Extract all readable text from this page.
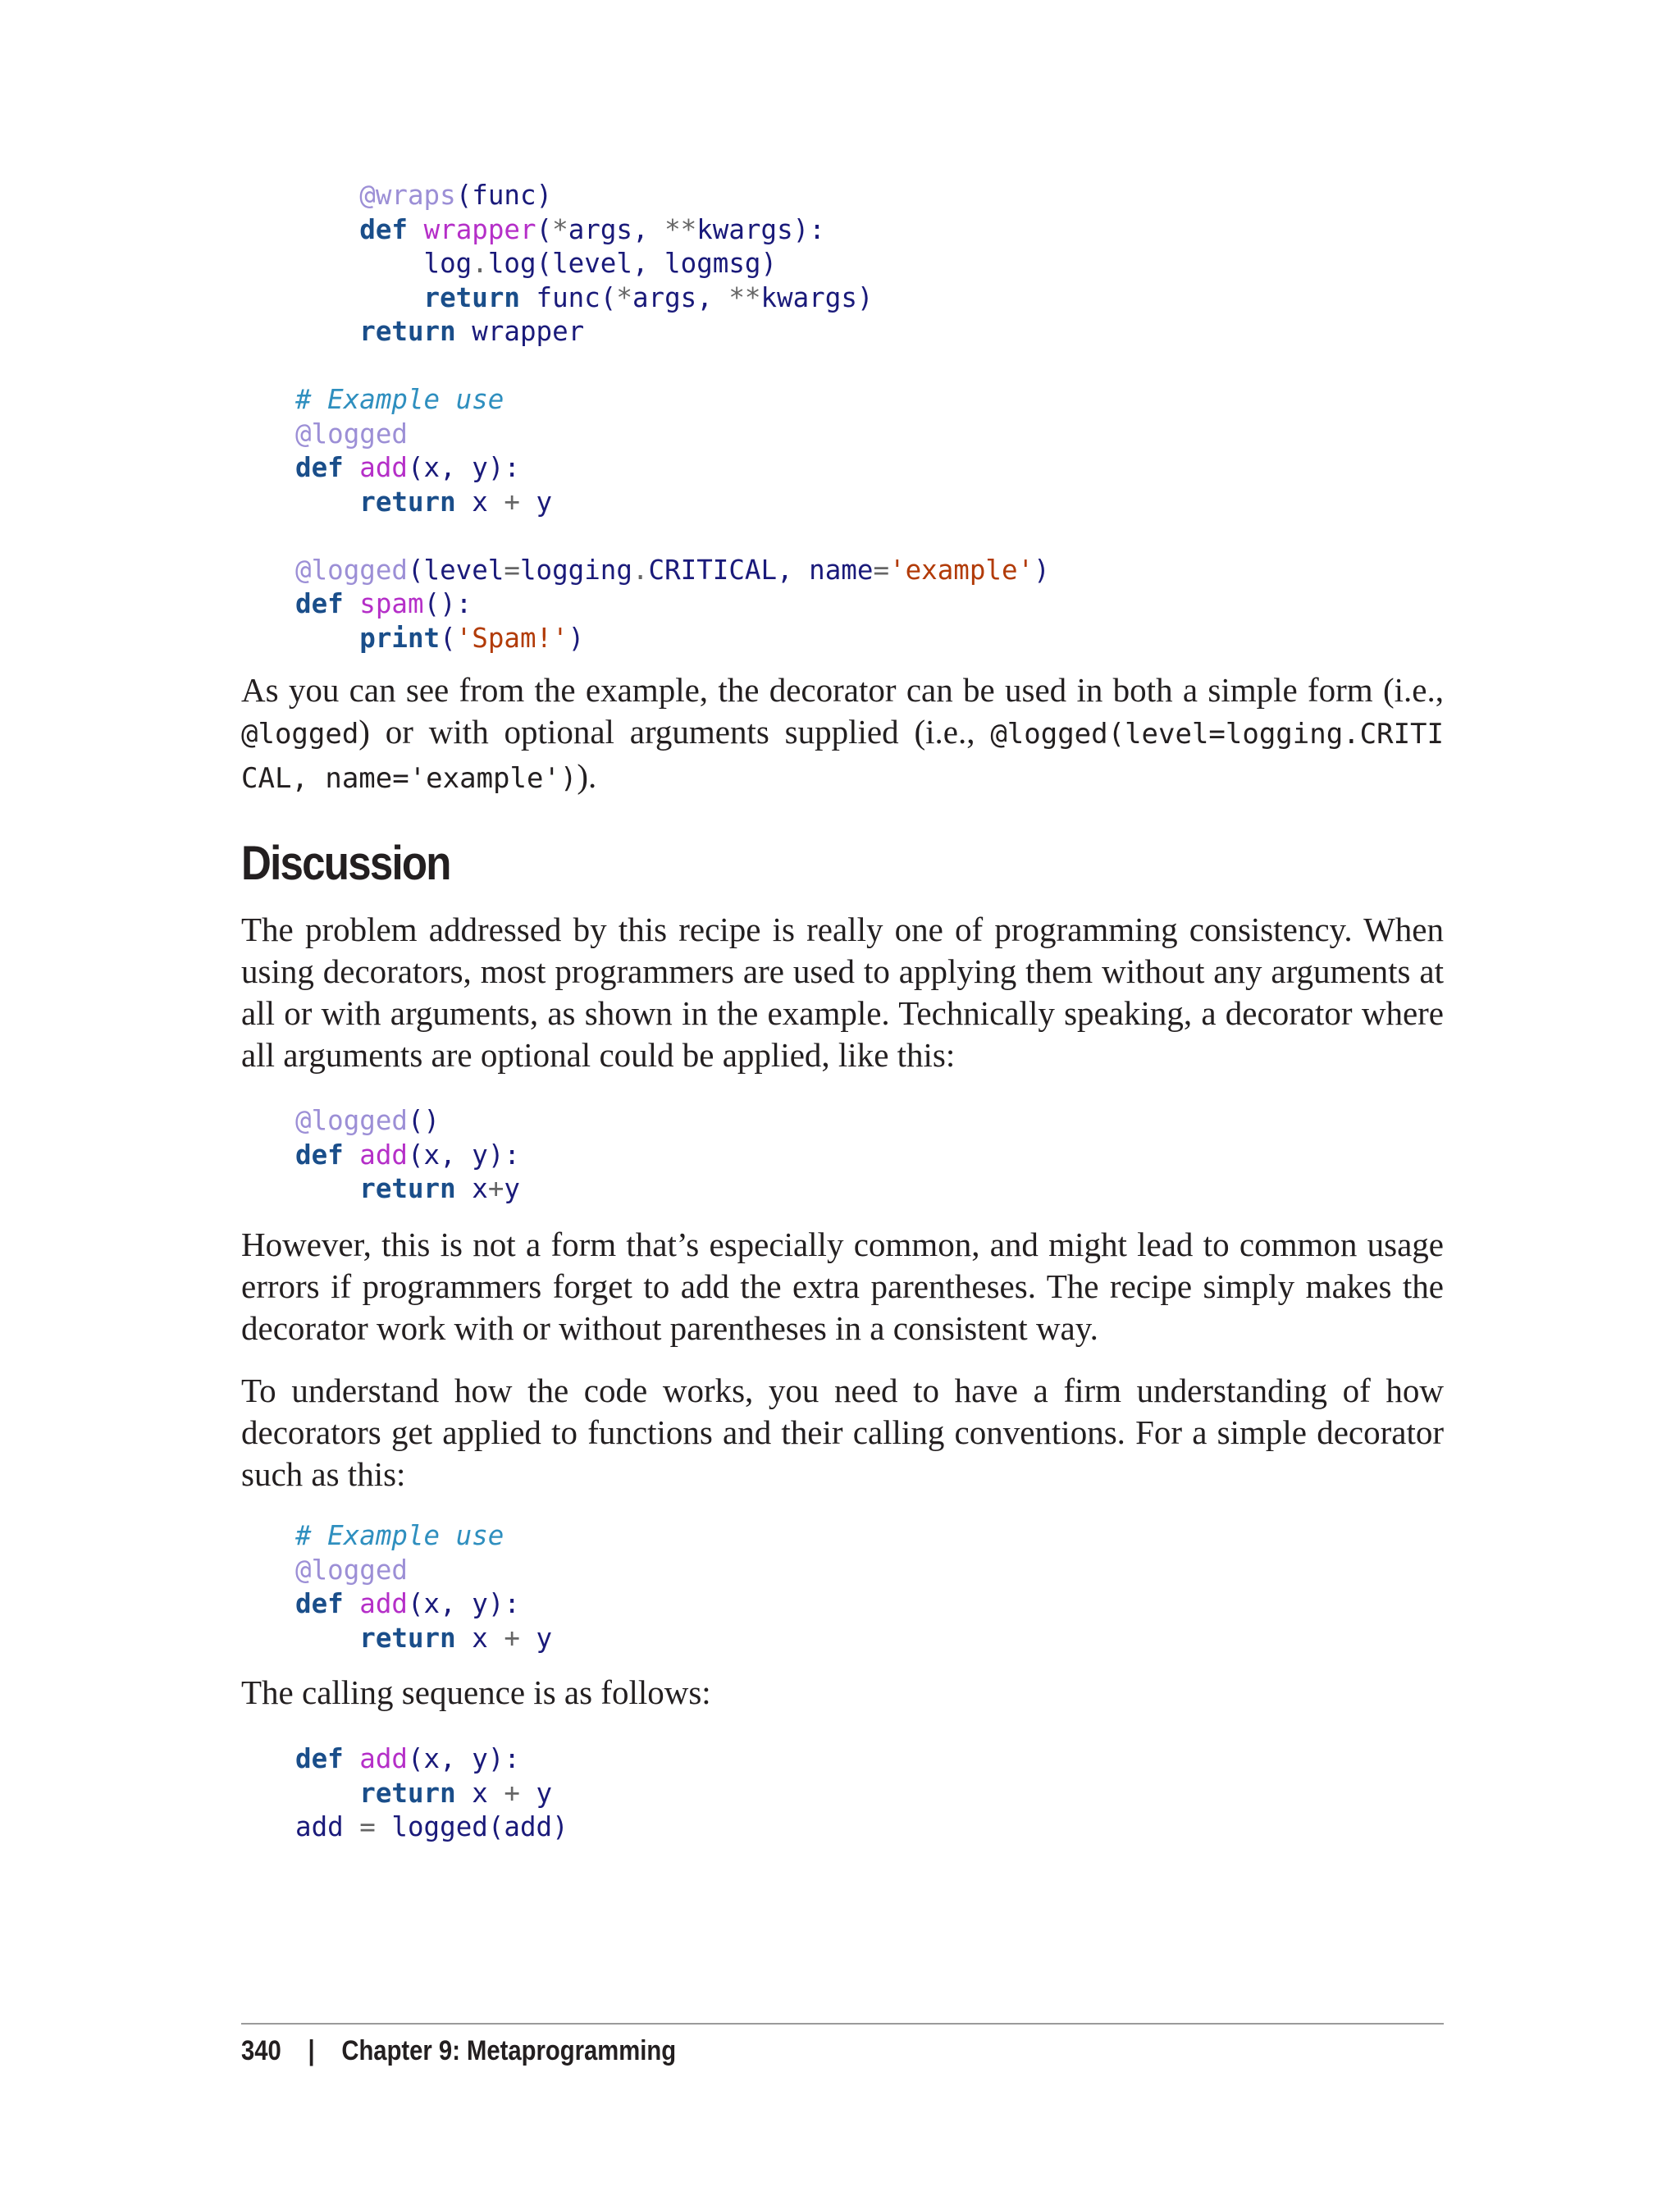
@wraps(func)
def wrapper(*args, **kwargs):
log.log(level, logmsg)
return func(*args, **kwargs)
return wrapper

# Example use
@logged
def add(x, y):
return x + y

@logged(level=logging.CRITICAL, name='example')
def spam():
print('Spam!')

As you can see from the example, the decorator can be used in both a simple form (i.e., @logged) or with optional arguments supplied (i.e., @logged(level=logging.CRITI CAL, name='example')).

Discussion

The problem addressed by this recipe is really one of programming consistency. When using decorators, most programmers are used to applying them without any arguments at all or with arguments, as shown in the example. Technically speaking, a decorator where all arguments are optional could be applied, like this:

@logged()
def add(x, y):
return x+y

However, this is not a form that’s especially common, and might lead to common usage errors if programmers forget to add the extra parentheses. The recipe simply makes the decorator work with or without parentheses in a consistent way.

To understand how the code works, you need to have a firm understanding of how decorators get applied to functions and their calling conventions. For a simple decorator such as this:

# Example use
@logged
def add(x, y):
return x + y

The calling sequence is as follows:

def add(x, y):
return x + y
add = logged(add)
340 | Chapter 9: Metaprogramming
